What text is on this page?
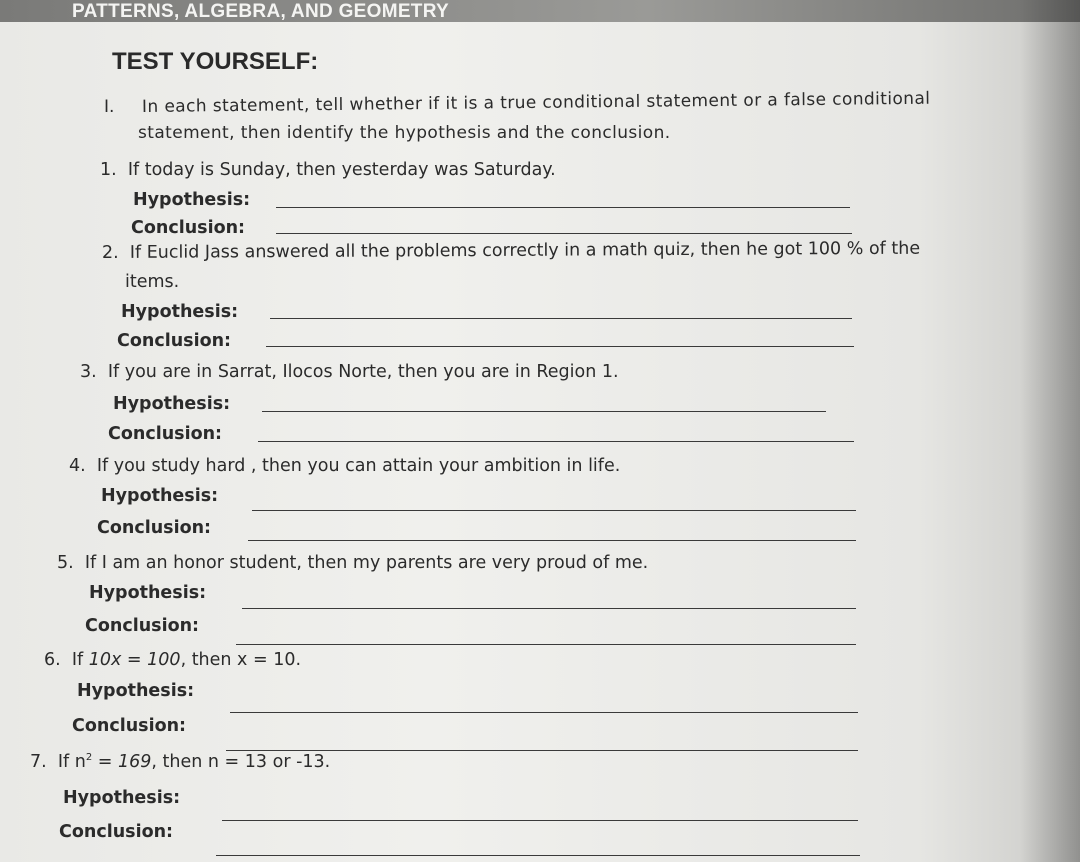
PATTERNS, ALGEBRA, AND GEOMETRY
TEST YOURSELF:
I. In each statement, tell whether if it is a true conditional statement or a false conditional
statement, then identify the hypothesis and the conclusion.
1. If today is Sunday, then yesterday was Saturday.
Hypothesis:
Conclusion:
2. If Euclid Jass answered all the problems correctly in a math quiz, then he got 100 % of the
items.
Hypothesis:
Conclusion:
3. If you are in Sarrat, Ilocos Norte, then you are in Region 1.
Hypothesis:
Conclusion:
4. If you study hard , then you can attain your ambition in life.
Hypothesis:
Conclusion:
5. If I am an honor student, then my parents are very proud of me.
Hypothesis:
Conclusion:
6. If 10x = 100, then x = 10.
Hypothesis:
Conclusion:
7. If $n^2 = 169$, then n = 13 or -13.
Hypothesis:
Conclusion:
